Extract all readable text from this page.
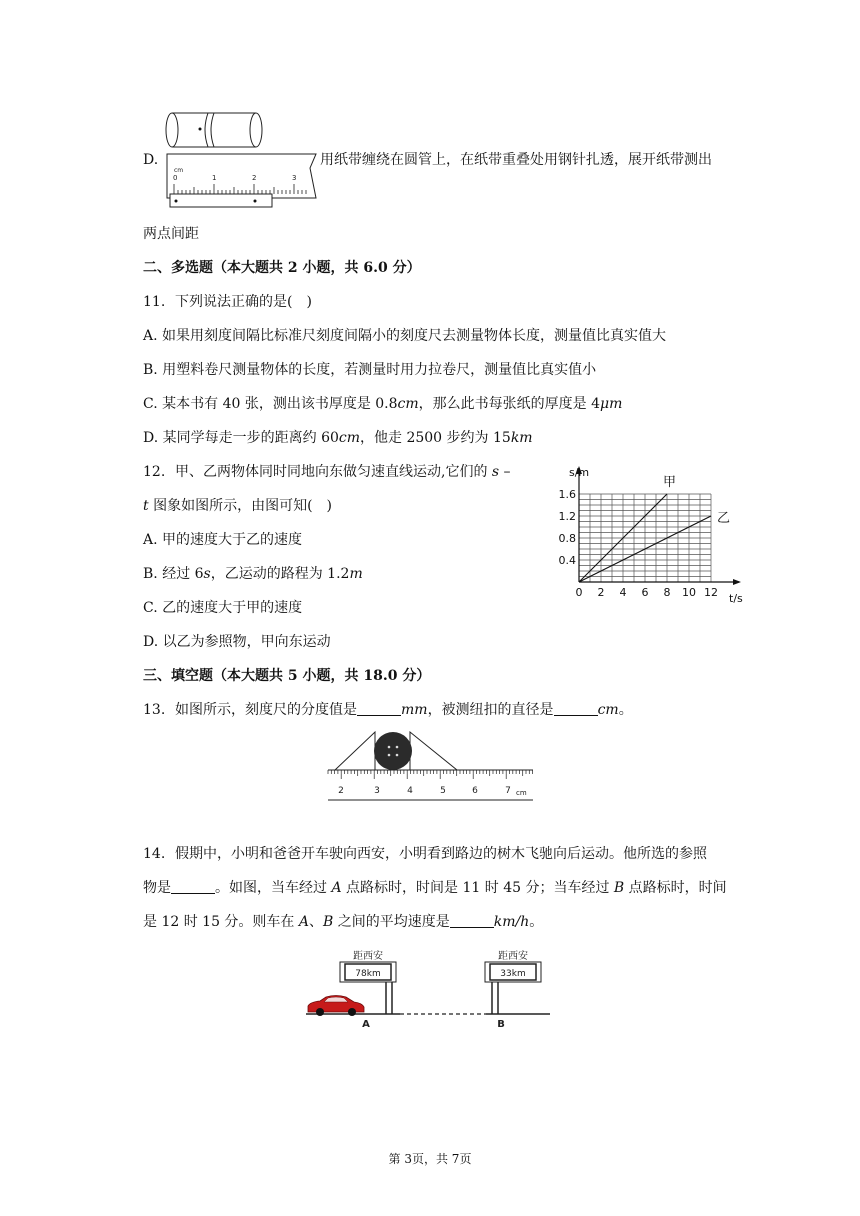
cm
0	1	2	3
D.	用纸带缠绕在圆管上，在纸带重叠处用钢针扎透，展开纸带测出
两点间距
二、多选题（本大题共 2 小题，共 6.0 分）
11. 下列说法正确的是( )
A. 如果用刻度间隔比标准尺刻度间隔小的刻度尺去测量物体长度，测量值比真实值大
B. 用塑料卷尺测量物体的长度，若测量时用力拉卷尺，测量值比真实值小
C. 某本书有 40 张，测出该书厚度是 0.8cm，那么此书每张纸的厚度是 4μm
D. 某同学每走一步的距离约 60cm，他走 2500 步约为 15km
12. 甲、乙两物体同时同地向东做匀速直线运动,它们的 s –
t 图象如图所示，由图可知( )
A. 甲的速度大于乙的速度
B. 经过 6s，乙运动的路程为 1.2m
C. 乙的速度大于甲的速度
D. 以乙为参照物，甲向东运动
甲
乙
s/m
t/s
0 2 4 6 8 10 12
0.4
0.8
1.2
1.6
三、填空题（本大题共 5 小题，共 18.0 分）
13. 如图所示，刻度尺的分度值是	mm，被测纽扣的直径是	cm。
2	3	4	5	6	7 cm
14. 假期中，小明和爸爸开车驶向西安，小明看到路边的树木飞驰向后运动。他所选的参照
物是	。如图，当车经过 A 点路标时，时间是 11 时 45 分；当车经过 B 点路标时，时间
是 12 时 15 分。则车在 A、B 之间的平均速度是	km/h。
距西安
78km
距西安
33km
A	B
第 3页，共 7页
